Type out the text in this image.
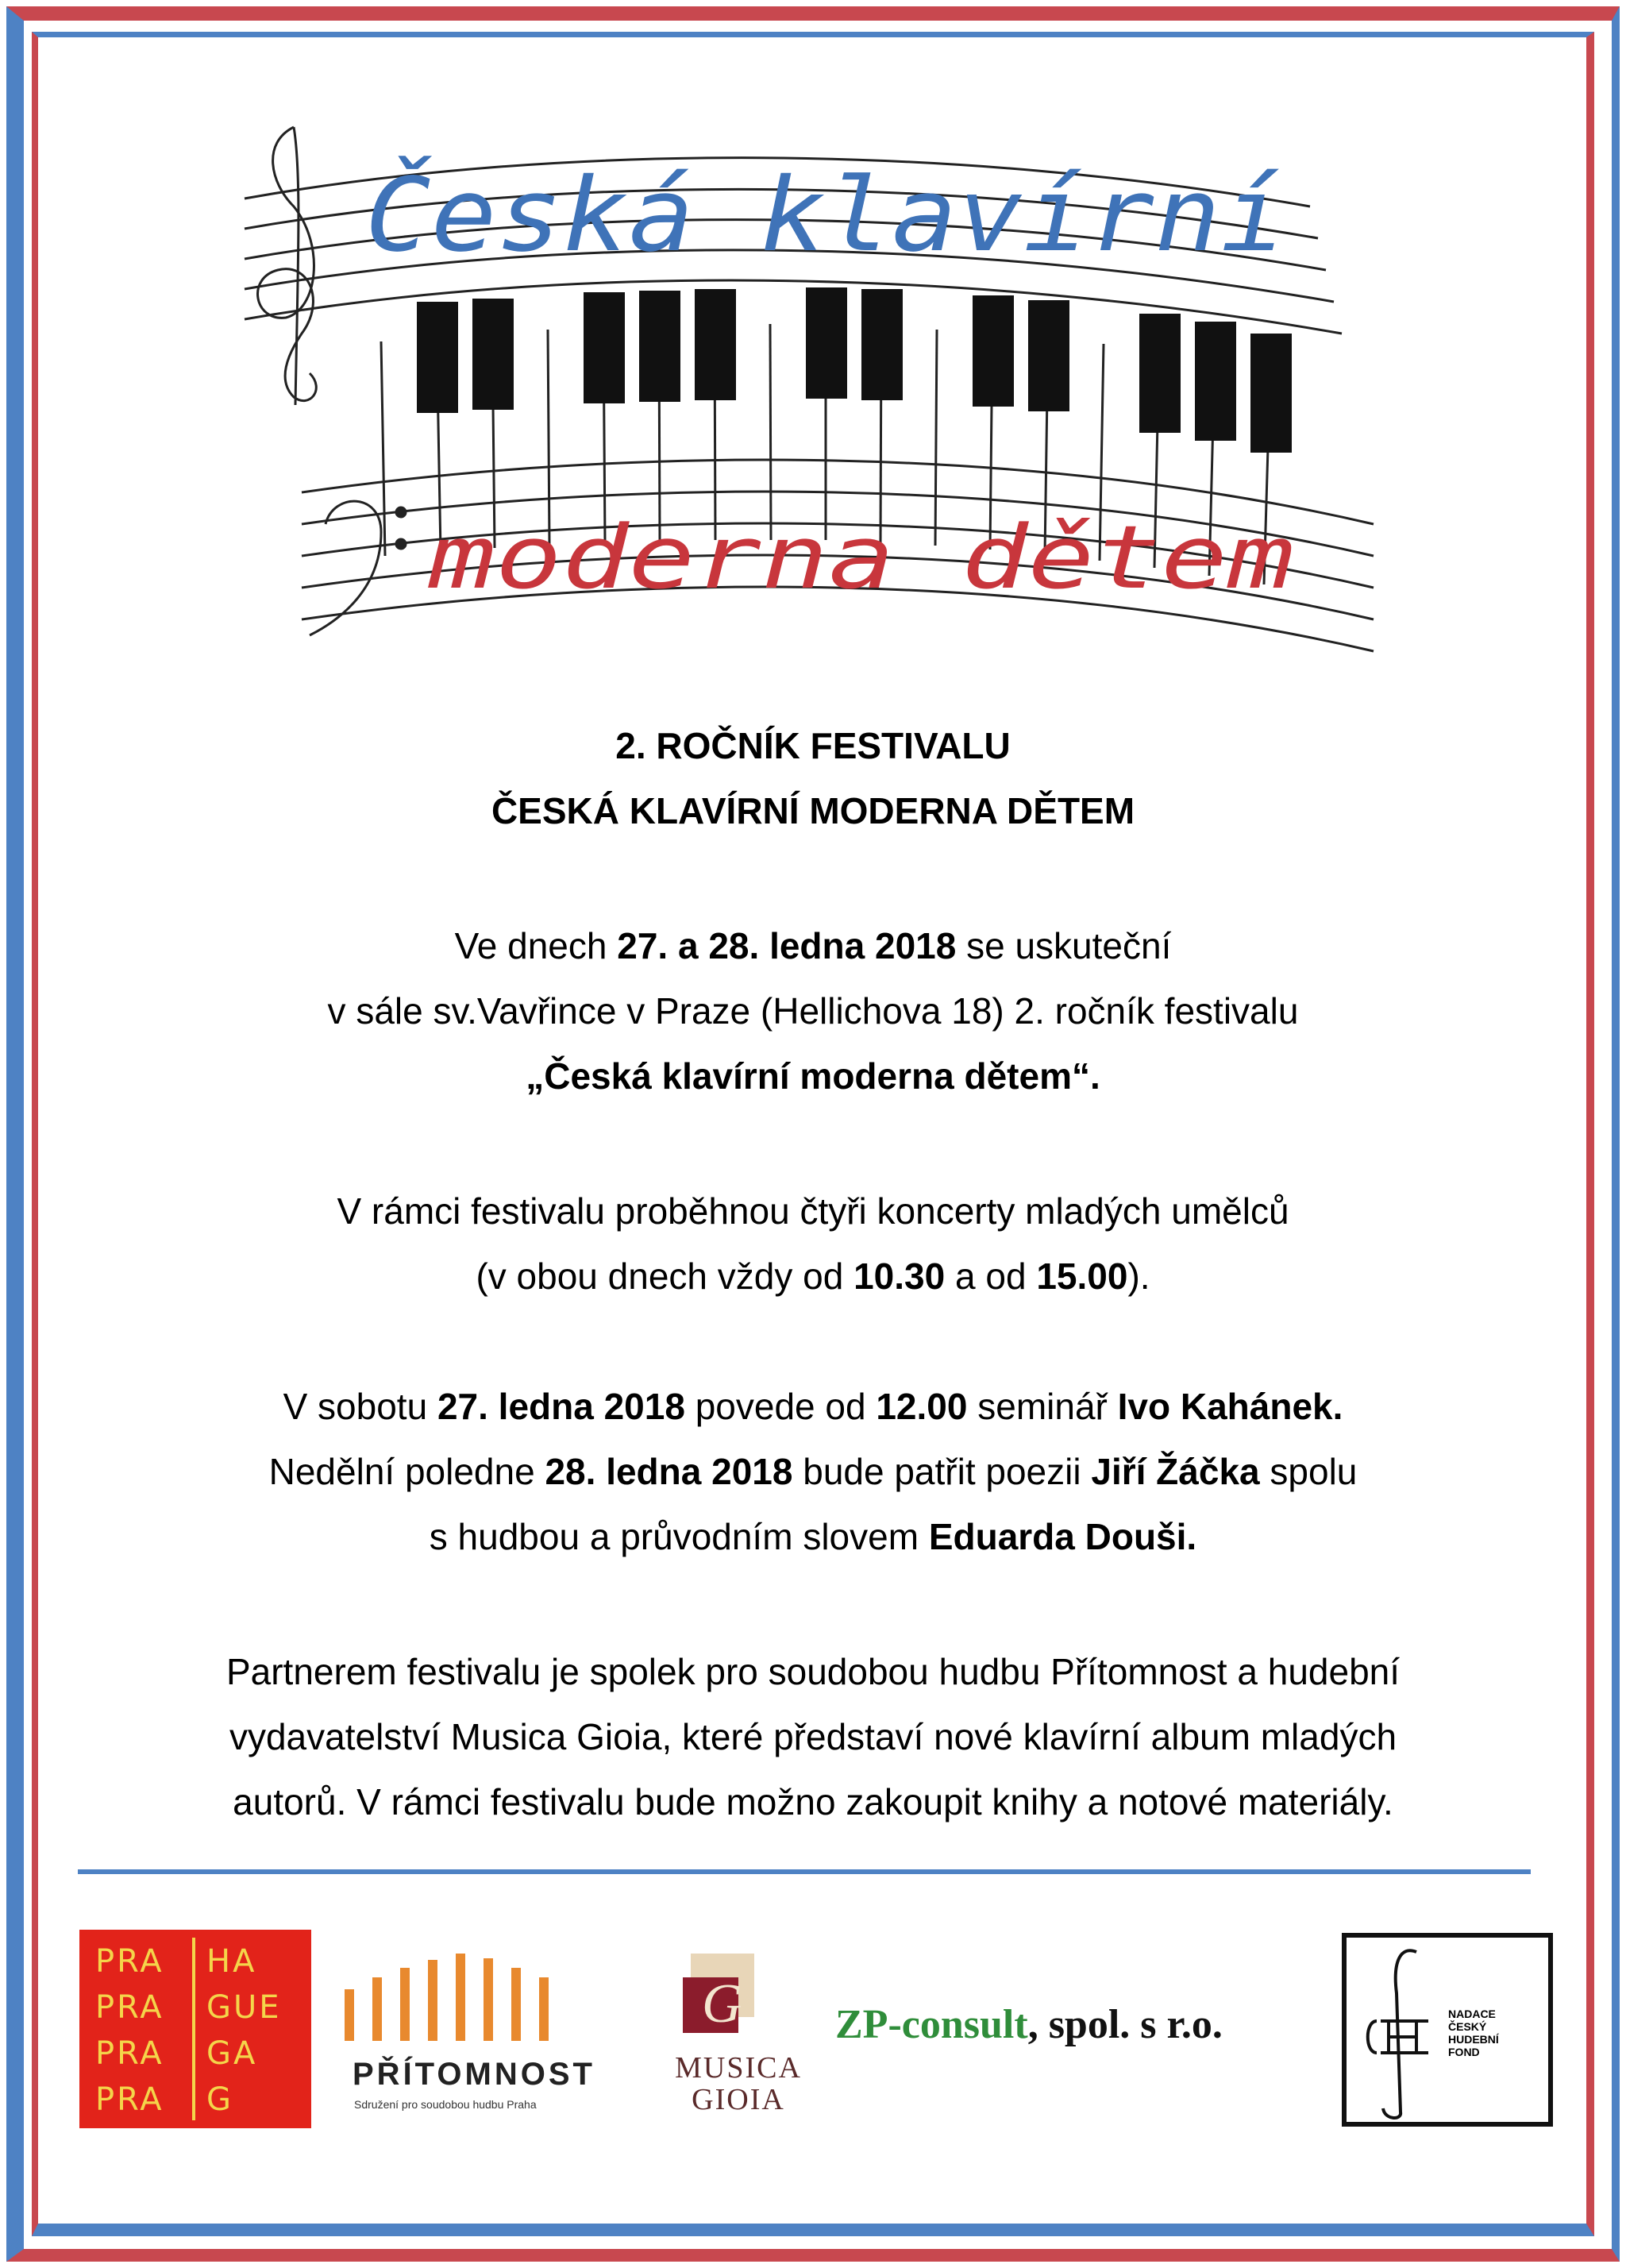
Česká klavírní
moderna dětem
2. ROČNÍK FESTIVALU
ČESKÁ KLAVÍRNÍ MODERNA DĚTEM
Ve dnech 27. a 28. ledna 2018 se uskuteční
v sále sv.Vavřince v Praze (Hellichova 18) 2. ročník festivalu
„Česká klavírní moderna dětem“.
V rámci festivalu proběhnou čtyři koncerty mladých umělců
(v obou dnech vždy od 10.30 a od 15.00).
V sobotu 27. ledna 2018 povede od 12.00 seminář Ivo Kahánek.
Nedělní poledne 28. ledna 2018 bude patřit poezii Jiří Žáčka spolu
s hudbou a průvodním slovem Eduarda Douši.
Partnerem festivalu je spolek pro soudobou hudbu Přítomnost a hudební
vydavatelství Musica Gioia, které představí nové klavírní album mladých
autorů. V rámci festivalu bude možno zakoupit knihy a notové materiály.
PRA HA
PRA GUE
PRA GA
PRA G
PŘÍTOMNOST
Sdružení pro soudobou hudbu Praha
G
MUSICA
GIOIA
ZP-consult, spol. s r.o.	NADACE
ČESKÝ
HUDEBNÍ
FOND
